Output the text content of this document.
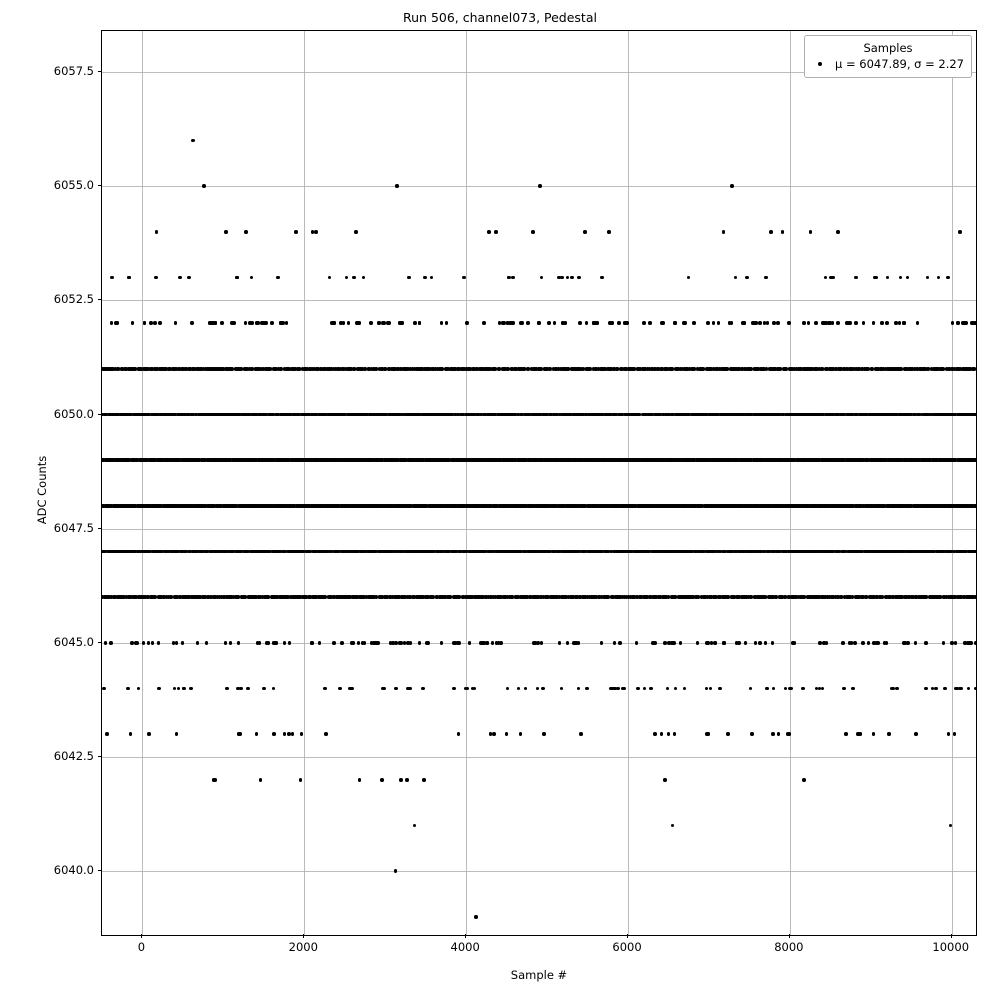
Run 506, channel073, Pedestal
Samples
μ = 6047.89, σ = 2.27
0	2000	4000	6000	8000	10000
6040.0
6042.5
6045.0
6047.5
6050.0
6052.5
6055.0
6057.5
Sample #
ADC Counts
